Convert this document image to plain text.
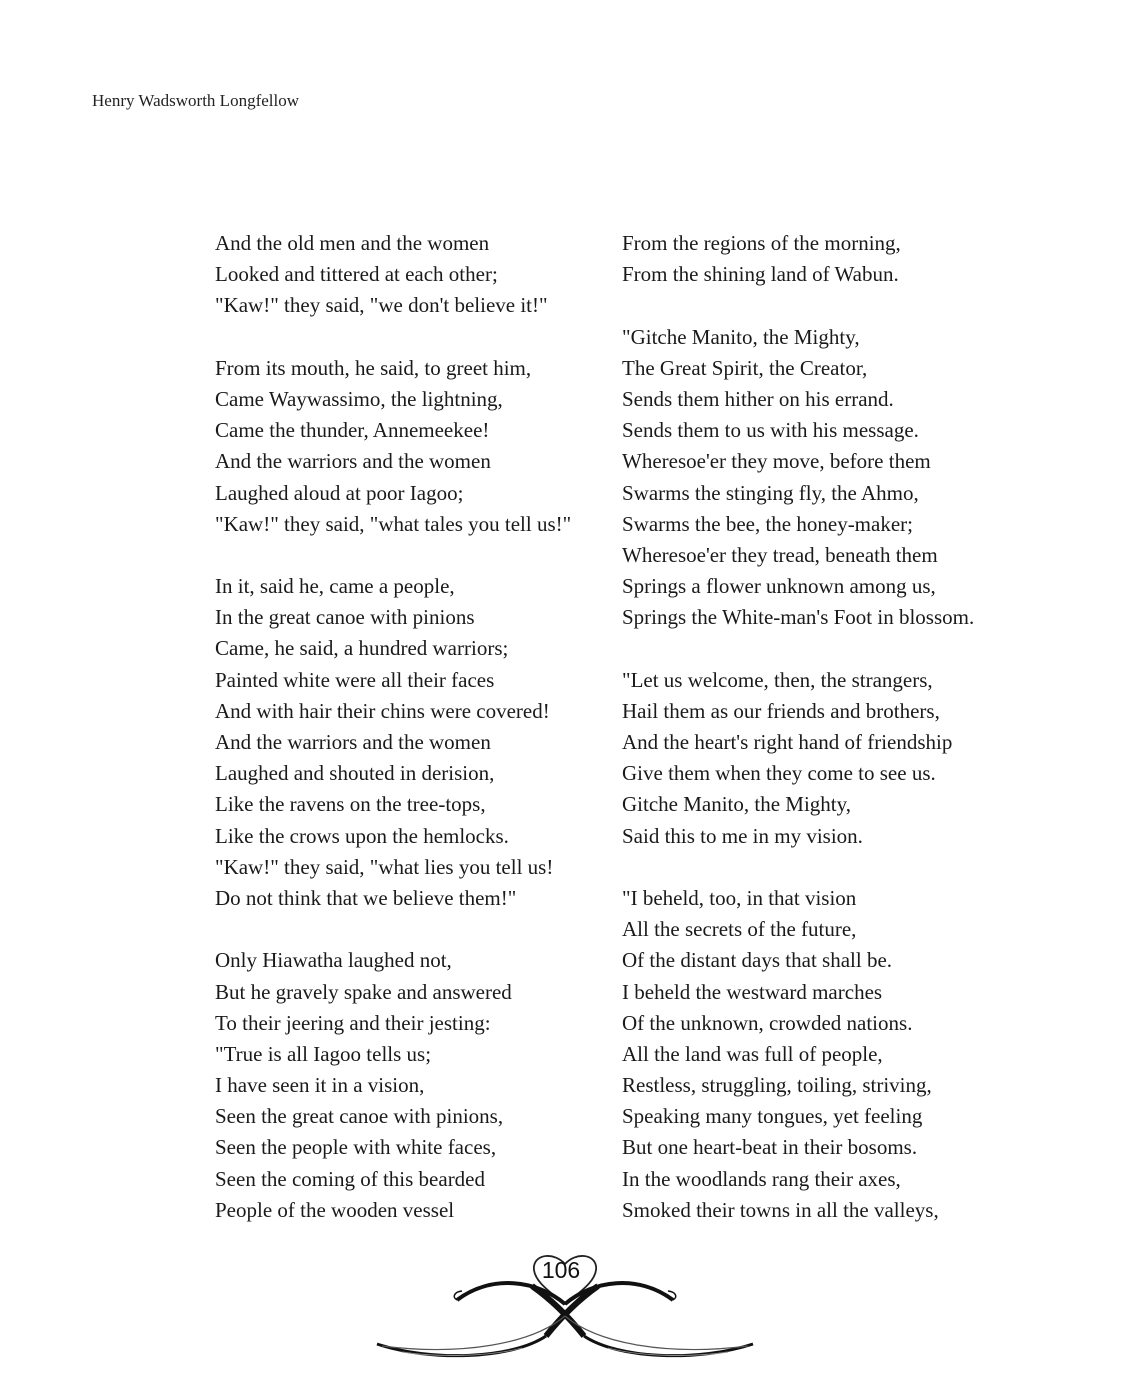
Henry Wadsworth Longfellow
And the old men and the women
Looked and tittered at each other;
"Kaw!" they said, "we don't believe it!"
From its mouth, he said, to greet him,
Came Waywassimo, the lightning,
Came the thunder, Annemeekee!
And the warriors and the women
Laughed aloud at poor Iagoo;
"Kaw!" they said, "what tales you tell us!"
In it, said he, came a people,
In the great canoe with pinions
Came, he said, a hundred warriors;
Painted white were all their faces
And with hair their chins were covered!
And the warriors and the women
Laughed and shouted in derision,
Like the ravens on the tree-tops,
Like the crows upon the hemlocks.
"Kaw!" they said, "what lies you tell us!
Do not think that we believe them!"
Only Hiawatha laughed not,
But he gravely spake and answered
To their jeering and their jesting:
"True is all Iagoo tells us;
I have seen it in a vision,
Seen the great canoe with pinions,
Seen the people with white faces,
Seen the coming of this bearded
People of the wooden vessel
From the regions of the morning,
From the shining land of Wabun.
"Gitche Manito, the Mighty,
The Great Spirit, the Creator,
Sends them hither on his errand.
Sends them to us with his message.
Wheresoe'er they move, before them
Swarms the stinging fly, the Ahmo,
Swarms the bee, the honey-maker;
Wheresoe'er they tread, beneath them
Springs a flower unknown among us,
Springs the White-man's Foot in blossom.
"Let us welcome, then, the strangers,
Hail them as our friends and brothers,
And the heart's right hand of friendship
Give them when they come to see us.
Gitche Manito, the Mighty,
Said this to me in my vision.
"I beheld, too, in that vision
All the secrets of the future,
Of the distant days that shall be.
I beheld the westward marches
Of the unknown, crowded nations.
All the land was full of people,
Restless, struggling, toiling, striving,
Speaking many tongues, yet feeling
But one heart-beat in their bosoms.
In the woodlands rang their axes,
Smoked their towns in all the valleys,
106
